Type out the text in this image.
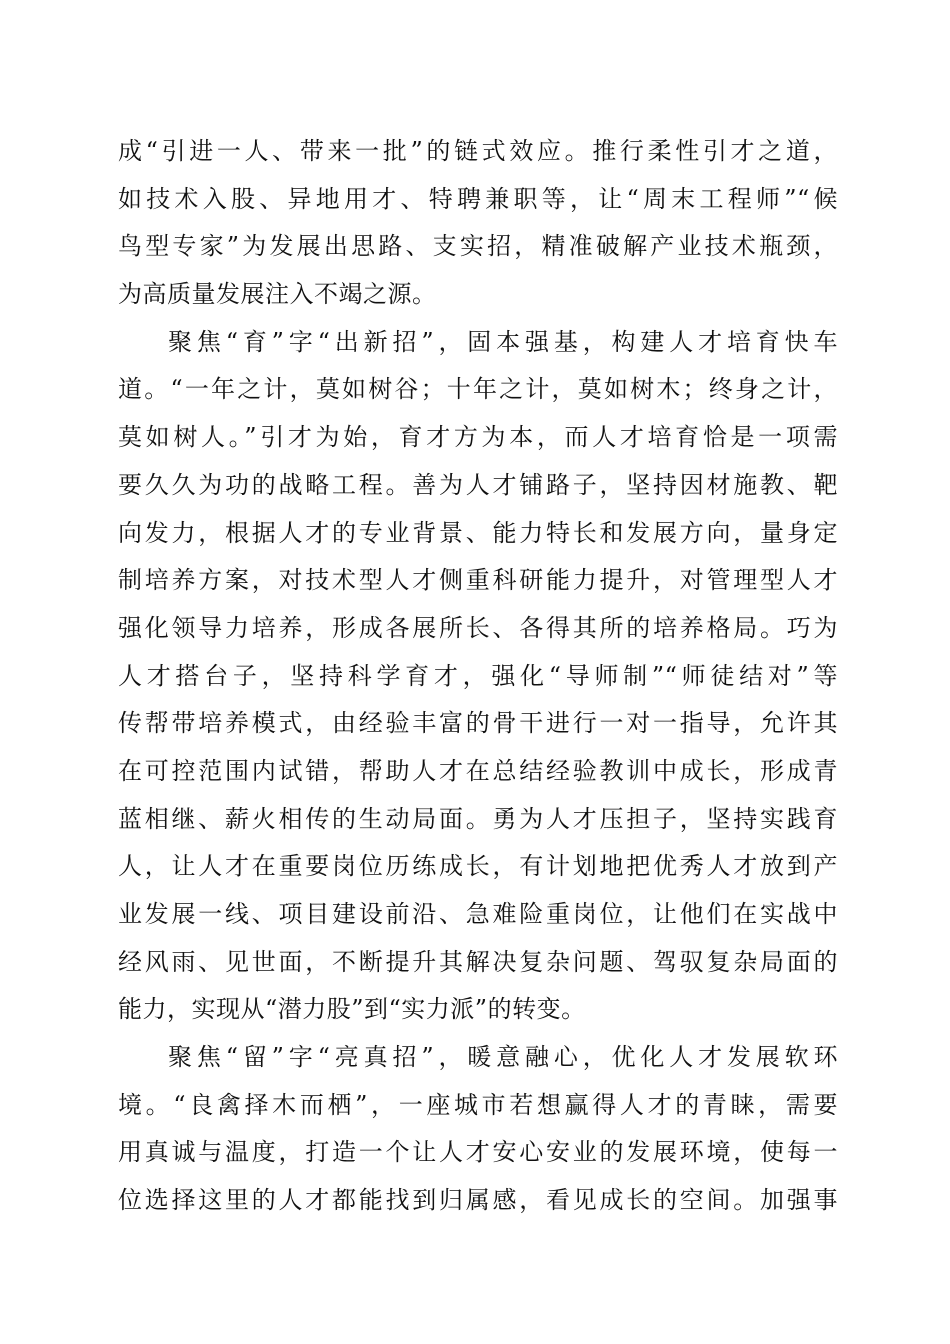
成“引进一人、带来一批”的链式效应。推行柔性引才之道，
如技术入股、异地用才、特聘兼职等，让“周末工程师”“候
鸟型专家”为发展出思路、支实招，精准破解产业技术瓶颈，
为高质量发展注入不竭之源。
聚焦“育”字“出新招”，固本强基，构建人才培育快车
道。“一年之计，莫如树谷；十年之计，莫如树木；终身之计，
莫如树人。”引才为始，育才方为本，而人才培育恰是一项需
要久久为功的战略工程。善为人才铺路子，坚持因材施教、靶
向发力，根据人才的专业背景、能力特长和发展方向，量身定
制培养方案，对技术型人才侧重科研能力提升，对管理型人才
强化领导力培养，形成各展所长、各得其所的培养格局。巧为
人才搭台子，坚持科学育才，强化“导师制”“师徒结对”等
传帮带培养模式，由经验丰富的骨干进行一对一指导，允许其
在可控范围内试错，帮助人才在总结经验教训中成长，形成青
蓝相继、薪火相传的生动局面。勇为人才压担子，坚持实践育
人，让人才在重要岗位历练成长，有计划地把优秀人才放到产
业发展一线、项目建设前沿、急难险重岗位，让他们在实战中
经风雨、见世面，不断提升其解决复杂问题、驾驭复杂局面的
能力，实现从“潜力股”到“实力派”的转变。
聚焦“留”字“亮真招”，暖意融心，优化人才发展软环
境。“良禽择木而栖”，一座城市若想赢得人才的青睐，需要
用真诚与温度，打造一个让人才安心安业的发展环境，使每一
位选择这里的人才都能找到归属感，看见成长的空间。加强事
